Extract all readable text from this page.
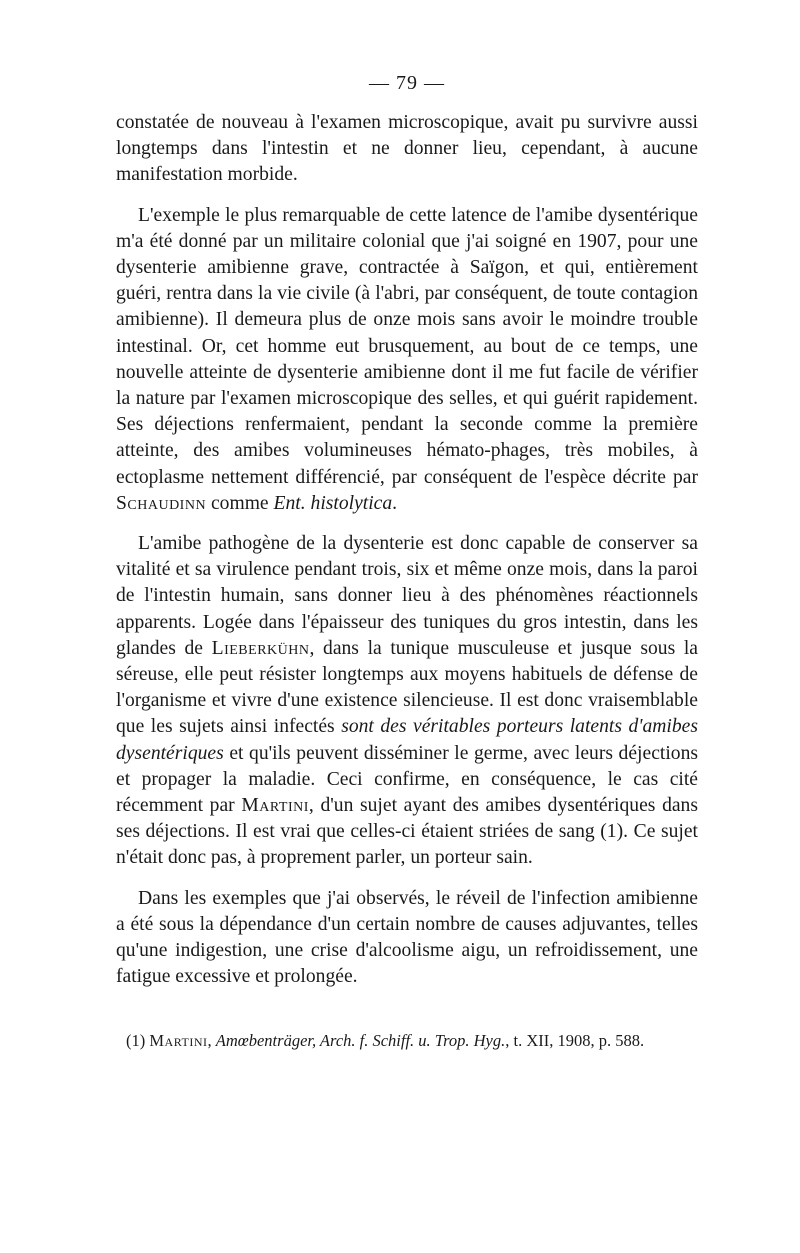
— 79 —

constatée de nouveau à l'examen microscopique, avait pu survivre aussi longtemps dans l'intestin et ne donner lieu, cependant, à aucune manifestation morbide.

L'exemple le plus remarquable de cette latence de l'amibe dysentérique m'a été donné par un militaire colonial que j'ai soigné en 1907, pour une dysenterie amibienne grave, contractée à Saïgon, et qui, entièrement guéri, rentra dans la vie civile (à l'abri, par conséquent, de toute contagion amibienne). Il demeura plus de onze mois sans avoir le moindre trouble intestinal. Or, cet homme eut brusquement, au bout de ce temps, une nouvelle atteinte de dysenterie amibienne dont il me fut facile de vérifier la nature par l'examen microscopique des selles, et qui guérit rapidement. Ses déjections renfermaient, pendant la seconde comme la première atteinte, des amibes volumineuses hémato-phages, très mobiles, à ectoplasme nettement différencié, par conséquent de l'espèce décrite par Schaudinn comme Ent. histolytica.

L'amibe pathogène de la dysenterie est donc capable de conserver sa vitalité et sa virulence pendant trois, six et même onze mois, dans la paroi de l'intestin humain, sans donner lieu à des phénomènes réactionnels apparents. Logée dans l'épaisseur des tuniques du gros intestin, dans les glandes de Lieberkühn, dans la tunique musculeuse et jusque sous la séreuse, elle peut résister longtemps aux moyens habituels de défense de l'organisme et vivre d'une existence silencieuse. Il est donc vraisemblable que les sujets ainsi infectés sont des véritables porteurs latents d'amibes dysentériques et qu'ils peuvent disséminer le germe, avec leurs déjections et propager la maladie. Ceci confirme, en conséquence, le cas cité récemment par Martini, d'un sujet ayant des amibes dysentériques dans ses déjections. Il est vrai que celles-ci étaient striées de sang (1). Ce sujet n'était donc pas, à proprement parler, un porteur sain.

Dans les exemples que j'ai observés, le réveil de l'infection amibienne a été sous la dépendance d'un certain nombre de causes adjuvantes, telles qu'une indigestion, une crise d'alcoolisme aigu, un refroidissement, une fatigue excessive et prolongée.

(1) Martini, Amœbenträger, Arch. f. Schiff. u. Trop. Hyg., t. XII, 1908, p. 588.
